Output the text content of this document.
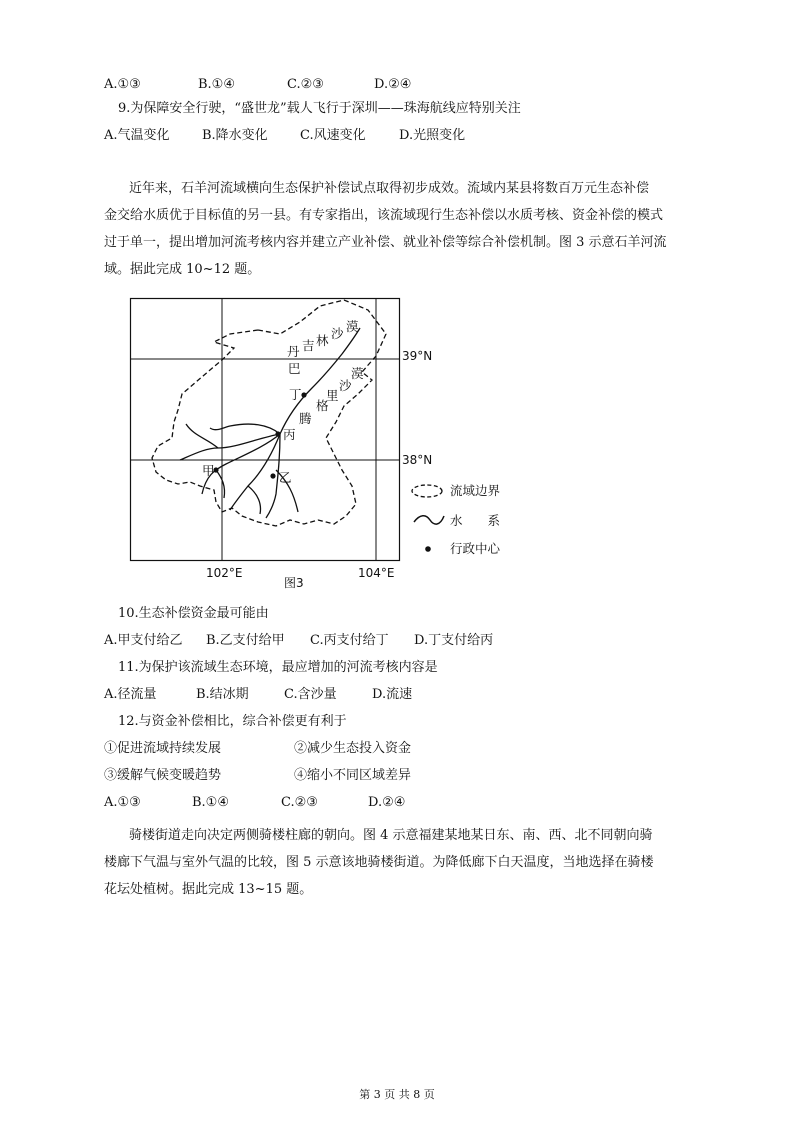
A.①③	B.①④	C.②③	D.②④
9.为保障安全行驶，“盛世龙”载人飞行于深圳——珠海航线应特别关注
A.气温变化 B.降水变化 C.风速变化	D.光照变化
近年来，石羊河流域横向生态保护补偿试点取得初步成效。流域内某县将数百万元生态补偿
金交给水质优于目标值的另一县。有专家指出，该流域现行生态补偿以水质考核、资金补偿的模式
过于单一，提出增加河流考核内容并建立产业补偿、就业补偿等综合补偿机制。图 3 示意石羊河流
域。据此完成 10~12 题。
丁
丙
甲	乙
巴
丹 吉 林 沙 漠
腾
格
里
沙
漠
39°N
38°N
102°E	104°E
图3
流域边界
水　　系
行政中心
10.生态补偿资金最可能由
A.甲支付给乙 B.乙支付给甲 C.丙支付给丁 D.丁支付给丙
11.为保护该流域生态环境，最应增加的河流考核内容是
A.径流量	B.结冰期	C.含沙量	D.流速
12.与资金补偿相比，综合补偿更有利于
①促进流域持续发展	②减少生态投入资金
③缓解气候变暖趋势	④缩小不同区域差异
A.①③	B.①④	C.②③	D.②④
骑楼街道走向决定两侧骑楼柱廊的朝向。图 4 示意福建某地某日东、南、西、北不同朝向骑
楼廊下气温与室外气温的比较，图 5 示意该地骑楼街道。为降低廊下白天温度，当地选择在骑楼
花坛处植树。据此完成 13~15 题。
第 3 页 共 8 页
